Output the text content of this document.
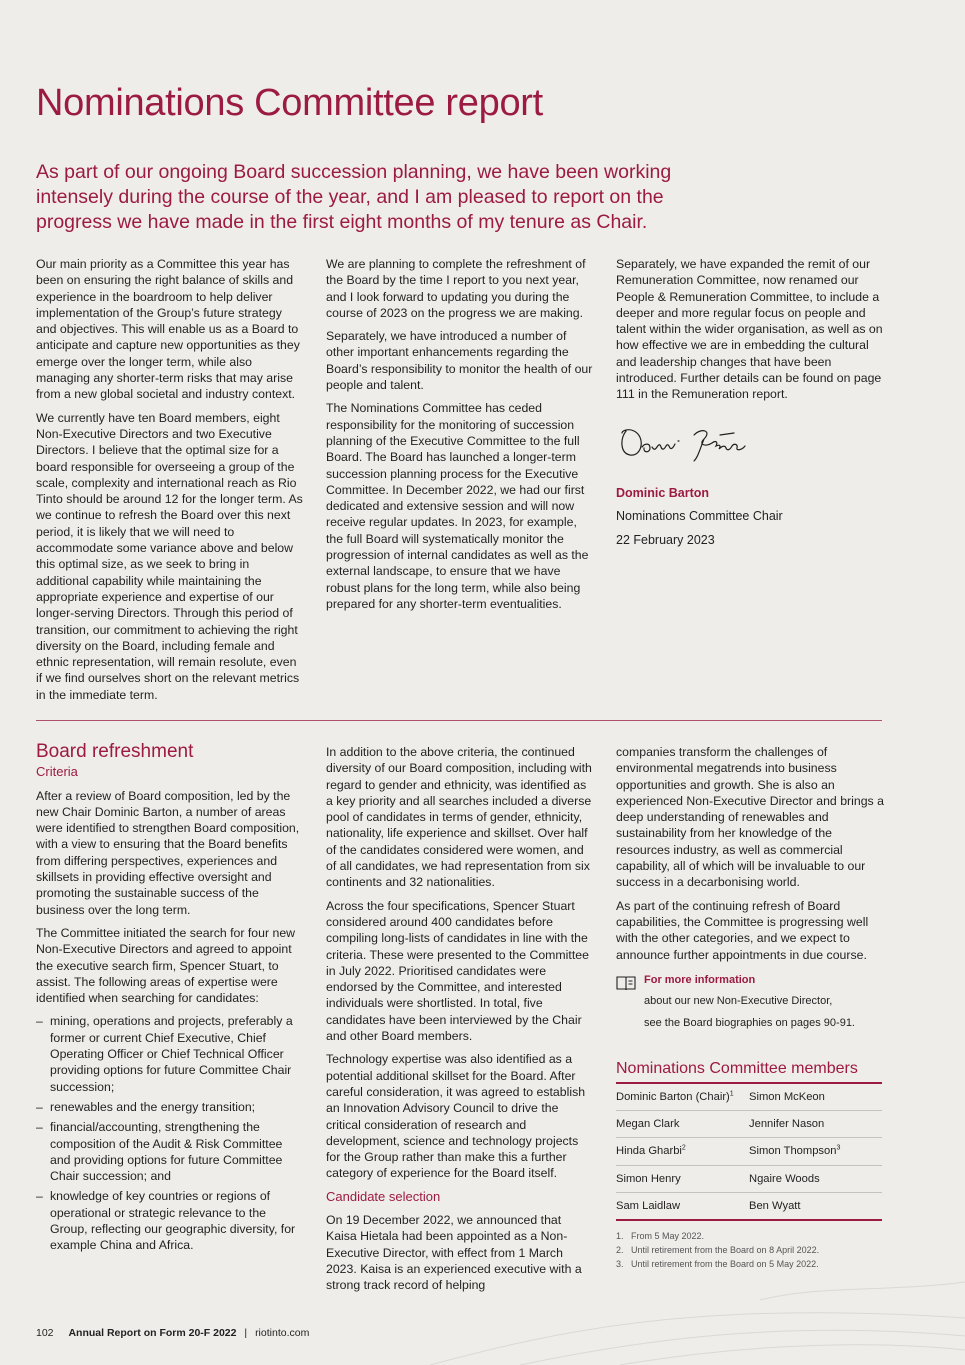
Nominations Committee report

As part of our ongoing Board succession planning, we have been working intensely during the course of the year, and I am pleased to report on the progress we have made in the first eight months of my tenure as Chair.

Our main priority as a Committee this year has been on ensuring the right balance of skills and experience in the boardroom to help deliver implementation of the Group’s future strategy and objectives. This will enable us as a Board to anticipate and capture new opportunities as they emerge over the longer term, while also managing any shorter-term risks that may arise from a new global societal and industry context.

We currently have ten Board members, eight Non-Executive Directors and two Executive Directors. I believe that the optimal size for a board responsible for overseeing a group of the scale, complexity and international reach as Rio Tinto should be around 12 for the longer term. As we continue to refresh the Board over this next period, it is likely that we will need to accommodate some variance above and below this optimal size, as we seek to bring in additional capability while maintaining the appropriate experience and expertise of our longer-serving Directors. Through this period of transition, our commitment to achieving the right diversity on the Board, including female and ethnic representation, will remain resolute, even if we find ourselves short on the relevant metrics in the immediate term.

We are planning to complete the refreshment of the Board by the time I report to you next year, and I look forward to updating you during the course of 2023 on the progress we are making.

Separately, we have introduced a number of other important enhancements regarding the Board’s responsibility to monitor the health of our people and talent.

The Nominations Committee has ceded responsibility for the monitoring of succession planning of the Executive Committee to the full Board. The Board has launched a longer-term succession planning process for the Executive Committee. In December 2022, we had our first dedicated and extensive session and will now receive regular updates. In 2023, for example, the full Board will systematically monitor the progression of internal candidates as well as the external landscape, to ensure that we have robust plans for the long term, while also being prepared for any shorter-term eventualities.

Separately, we have expanded the remit of our Remuneration Committee, now renamed our People & Remuneration Committee, to include a deeper and more regular focus on people and talent within the wider organisation, as well as on how effective we are in embedding the cultural and leadership changes that have been introduced. Further details can be found on page 111 in the Remuneration report.

Dominic Barton

Nominations Committee Chair

22 February 2023

Board refreshment

Criteria

After a review of Board composition, led by the new Chair Dominic Barton, a number of areas were identified to strengthen Board composition, with a view to ensuring that the Board benefits from differing perspectives, experiences and skillsets in providing effective oversight and promoting the sustainable success of the business over the long term.

The Committee initiated the search for four new Non-Executive Directors and agreed to appoint the executive search firm, Spencer Stuart, to assist. The following areas of expertise were identified when searching for candidates:

– mining, operations and projects, preferably a former or current Chief Executive, Chief Operating Officer or Chief Technical Officer providing options for future Committee Chair succession;
– renewables and the energy transition;
– financial/accounting, strengthening the composition of the Audit & Risk Committee and providing options for future Committee Chair succession; and
– knowledge of key countries or regions of operational or strategic relevance to the Group, reflecting our geographic diversity, for example China and Africa.

In addition to the above criteria, the continued diversity of our Board composition, including with regard to gender and ethnicity, was identified as a key priority and all searches included a diverse pool of candidates in terms of gender, ethnicity, nationality, life experience and skillset. Over half of the candidates considered were women, and of all candidates, we had representation from six continents and 32 nationalities.

Across the four specifications, Spencer Stuart considered around 400 candidates before compiling long-lists of candidates in line with the criteria. These were presented to the Committee in July 2022. Prioritised candidates were endorsed by the Committee, and interested individuals were shortlisted. In total, five candidates have been interviewed by the Chair and other Board members.

Technology expertise was also identified as a potential additional skillset for the Board. After careful consideration, it was agreed to establish an Innovation Advisory Council to drive the critical consideration of research and development, science and technology projects for the Group rather than make this a further category of experience for the Board itself.

Candidate selection

On 19 December 2022, we announced that Kaisa Hietala had been appointed as a Non-Executive Director, with effect from 1 March 2023. Kaisa is an experienced executive with a strong track record of helping

companies transform the challenges of environmental megatrends into business opportunities and growth. She is also an experienced Non-Executive Director and brings a deep understanding of renewables and sustainability from her knowledge of the resources industry, as well as commercial capability, all of which will be invaluable to our success in a decarbonising world.

As part of the continuing refresh of Board capabilities, the Committee is progressing well with the other categories, and we expect to announce further appointments in due course.

For more information

about our new Non-Executive Director,

see the Board biographies on pages 90-91.

Nominations Committee members
Dominic Barton (Chair)$^1$	Simon McKeon
Megan Clark	Jennifer Nason
Hinda Gharbi$^2$	Simon Thompson$^3$
Simon Henry	Ngaire Woods
Sam Laidlaw	Ben Wyatt
1.   From 5 May 2022.
2.   Until retirement from the Board on 8 April 2022.
3.   Until retirement from the Board on 5 May 2022.
102 Annual Report on Form 20-F 2022 | riotinto.com
